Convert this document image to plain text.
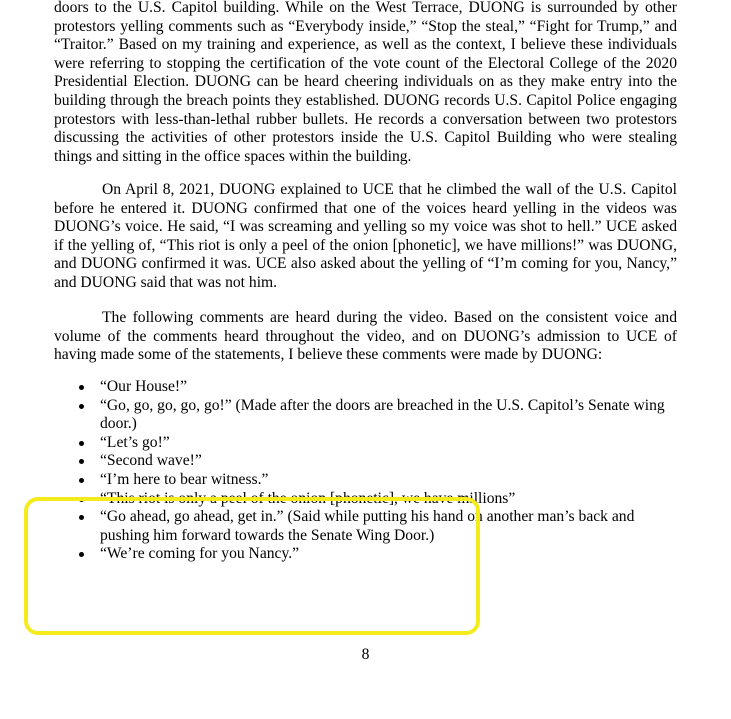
doors to the U.S. Capitol building. While on the West Terrace, DUONG is surrounded by other protestors yelling comments such as “Everybody inside,” “Stop the steal,” “Fight for Trump,” and “Traitor.” Based on my training and experience, as well as the context, I believe these individuals were referring to stopping the certification of the vote count of the Electoral College of the 2020 Presidential Election. DUONG can be heard cheering individuals on as they make entry into the building through the breach points they established. DUONG records U.S. Capitol Police engaging protestors with less-than-lethal rubber bullets. He records a conversation between two protestors discussing the activities of other protestors inside the U.S. Capitol Building who were stealing things and sitting in the office spaces within the building.

On April 8, 2021, DUONG explained to UCE that he climbed the wall of the U.S. Capitol before he entered it. DUONG confirmed that one of the voices heard yelling in the videos was DUONG’s voice. He said, “I was screaming and yelling so my voice was shot to hell.” UCE asked if the yelling of, “This riot is only a peel of the onion [phonetic], we have millions!” was DUONG, and DUONG confirmed it was. UCE also asked about the yelling of “I’m coming for you, Nancy,” and DUONG said that was not him.

The following comments are heard during the video. Based on the consistent voice and volume of the comments heard throughout the video, and on DUONG’s admission to UCE of having made some of the statements, I believe these comments were made by DUONG:

“Our House!”
“Go, go, go, go, go!” (Made after the doors are breached in the U.S. Capitol’s Senate wing door.)
“Let’s go!”
“Second wave!”
“I’m here to bear witness.”
“This riot is only a peel of the onion [phonetic], we have millions”
“Go ahead, go ahead, get in.” (Said while putting his hand on another man’s back and pushing him forward towards the Senate Wing Door.)
“We’re coming for you Nancy.”
8
